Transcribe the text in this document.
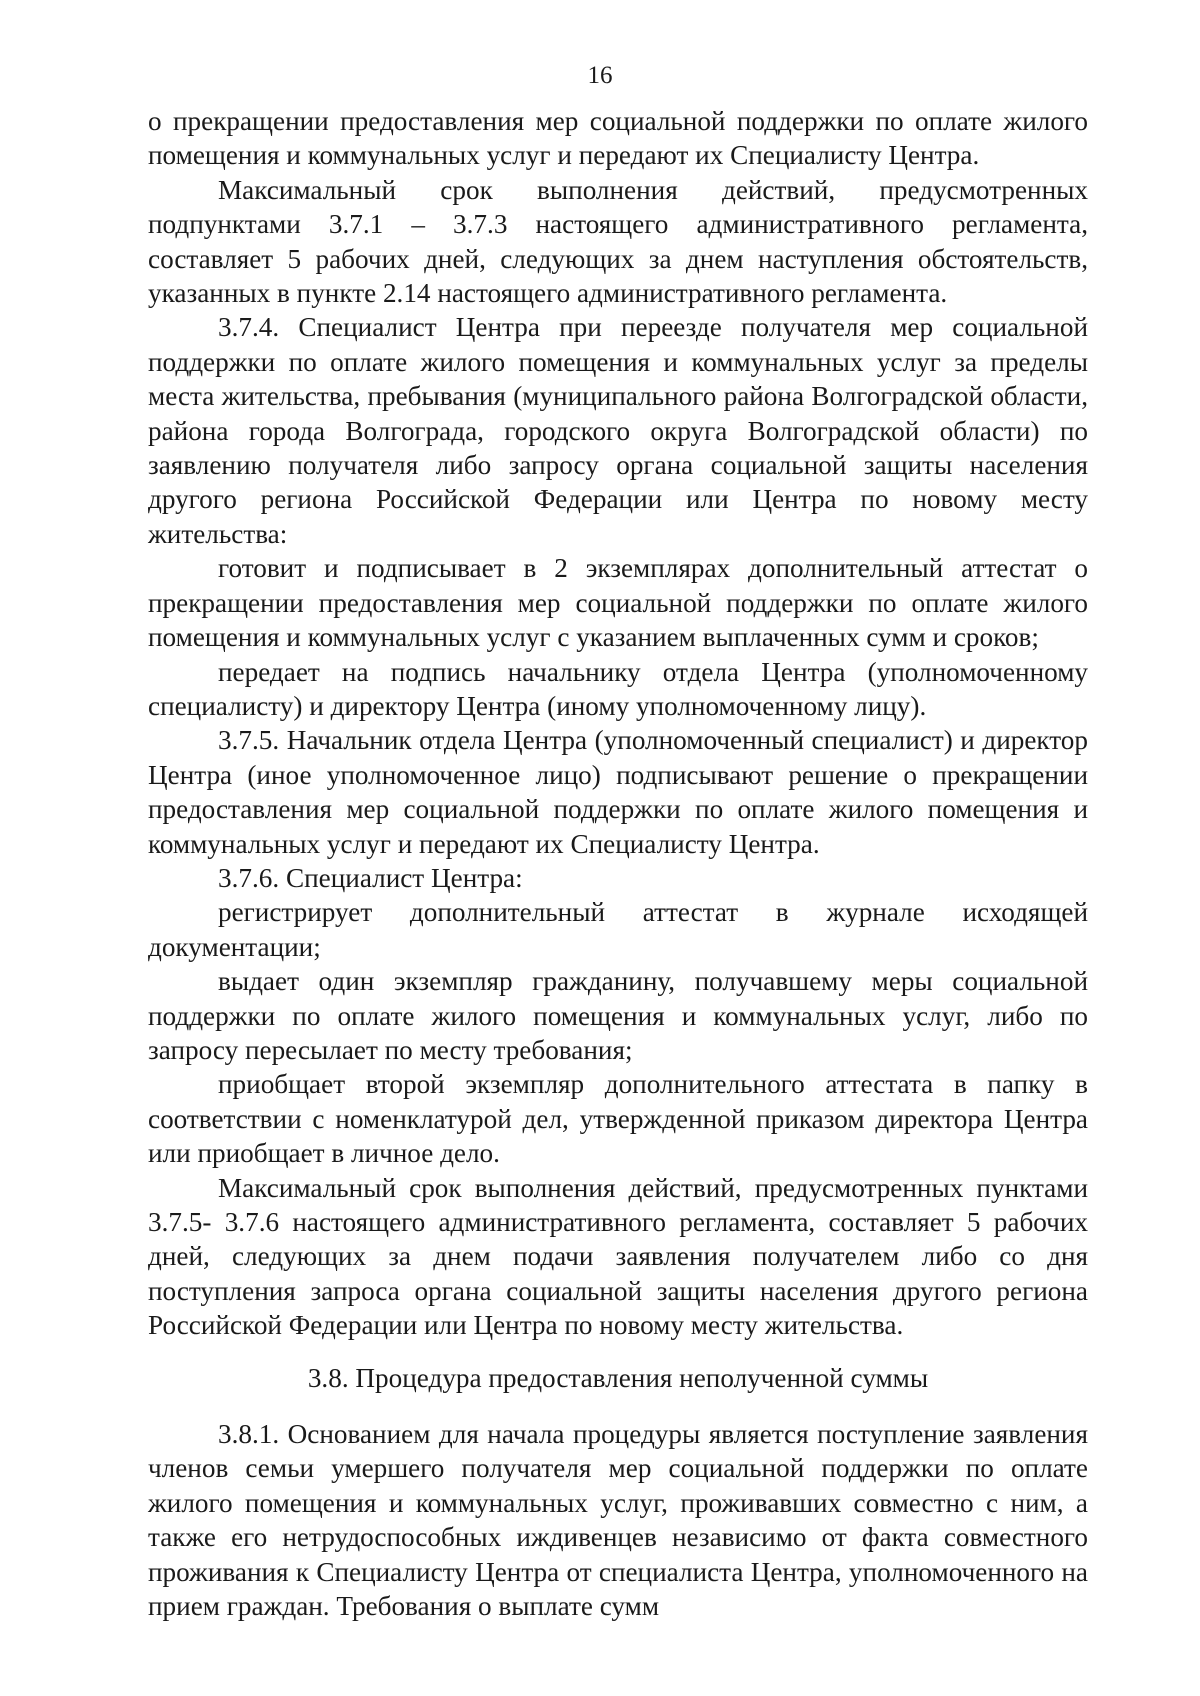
16

о прекращении предоставления мер социальной поддержки по оплате жилого помещения и коммунальных услуг и передают их Специалисту Центра.

Максимальный срок выполнения действий, предусмотренных подпунктами 3.7.1 – 3.7.3 настоящего административного регламента, составляет 5 рабочих дней, следующих за днем наступления обстоятельств, указанных в пункте 2.14 настоящего административного регламента.

3.7.4. Специалист Центра при переезде получателя мер социальной поддержки по оплате жилого помещения и коммунальных услуг за пределы места жительства, пребывания (муниципального района Волгоградской области, района города Волгограда, городского округа Волгоградской области) по заявлению получателя либо запросу органа социальной защиты населения другого региона Российской Федерации или Центра по новому месту жительства:

готовит и подписывает в 2 экземплярах дополнительный аттестат о прекращении предоставления мер социальной поддержки по оплате жилого помещения и коммунальных услуг с указанием выплаченных сумм и сроков;

передает на подпись начальнику отдела Центра (уполномоченному специалисту) и директору Центра (иному уполномоченному лицу).

3.7.5. Начальник отдела Центра (уполномоченный специалист) и директор Центра (иное уполномоченное лицо) подписывают решение о прекращении предоставления мер социальной поддержки по оплате жилого помещения и коммунальных услуг и передают их Специалисту Центра.

3.7.6. Специалист Центра:

регистрирует дополнительный аттестат в журнале исходящей документации;

выдает один экземпляр гражданину, получавшему меры социальной поддержки по оплате жилого помещения и коммунальных услуг, либо по запросу пересылает по месту требования;

приобщает второй экземпляр дополнительного аттестата в папку в соответствии с номенклатурой дел, утвержденной приказом директора Центра или приобщает в личное дело.

Максимальный срок выполнения действий, предусмотренных пунктами 3.7.5- 3.7.6 настоящего административного регламента, составляет 5 рабочих дней, следующих за днем подачи заявления получателем либо со дня поступления запроса органа социальной защиты населения другого региона Российской Федерации или Центра по новому месту жительства.

3.8. Процедура предоставления неполученной суммы

3.8.1. Основанием для начала процедуры является поступление заявления членов семьи умершего получателя мер социальной поддержки по оплате жилого помещения и коммунальных услуг, проживавших совместно с ним, а также его нетрудоспособных иждивенцев независимо от факта совместного проживания к Специалисту Центра от специалиста Центра, уполномоченного на прием граждан. Требования о выплате сумм
